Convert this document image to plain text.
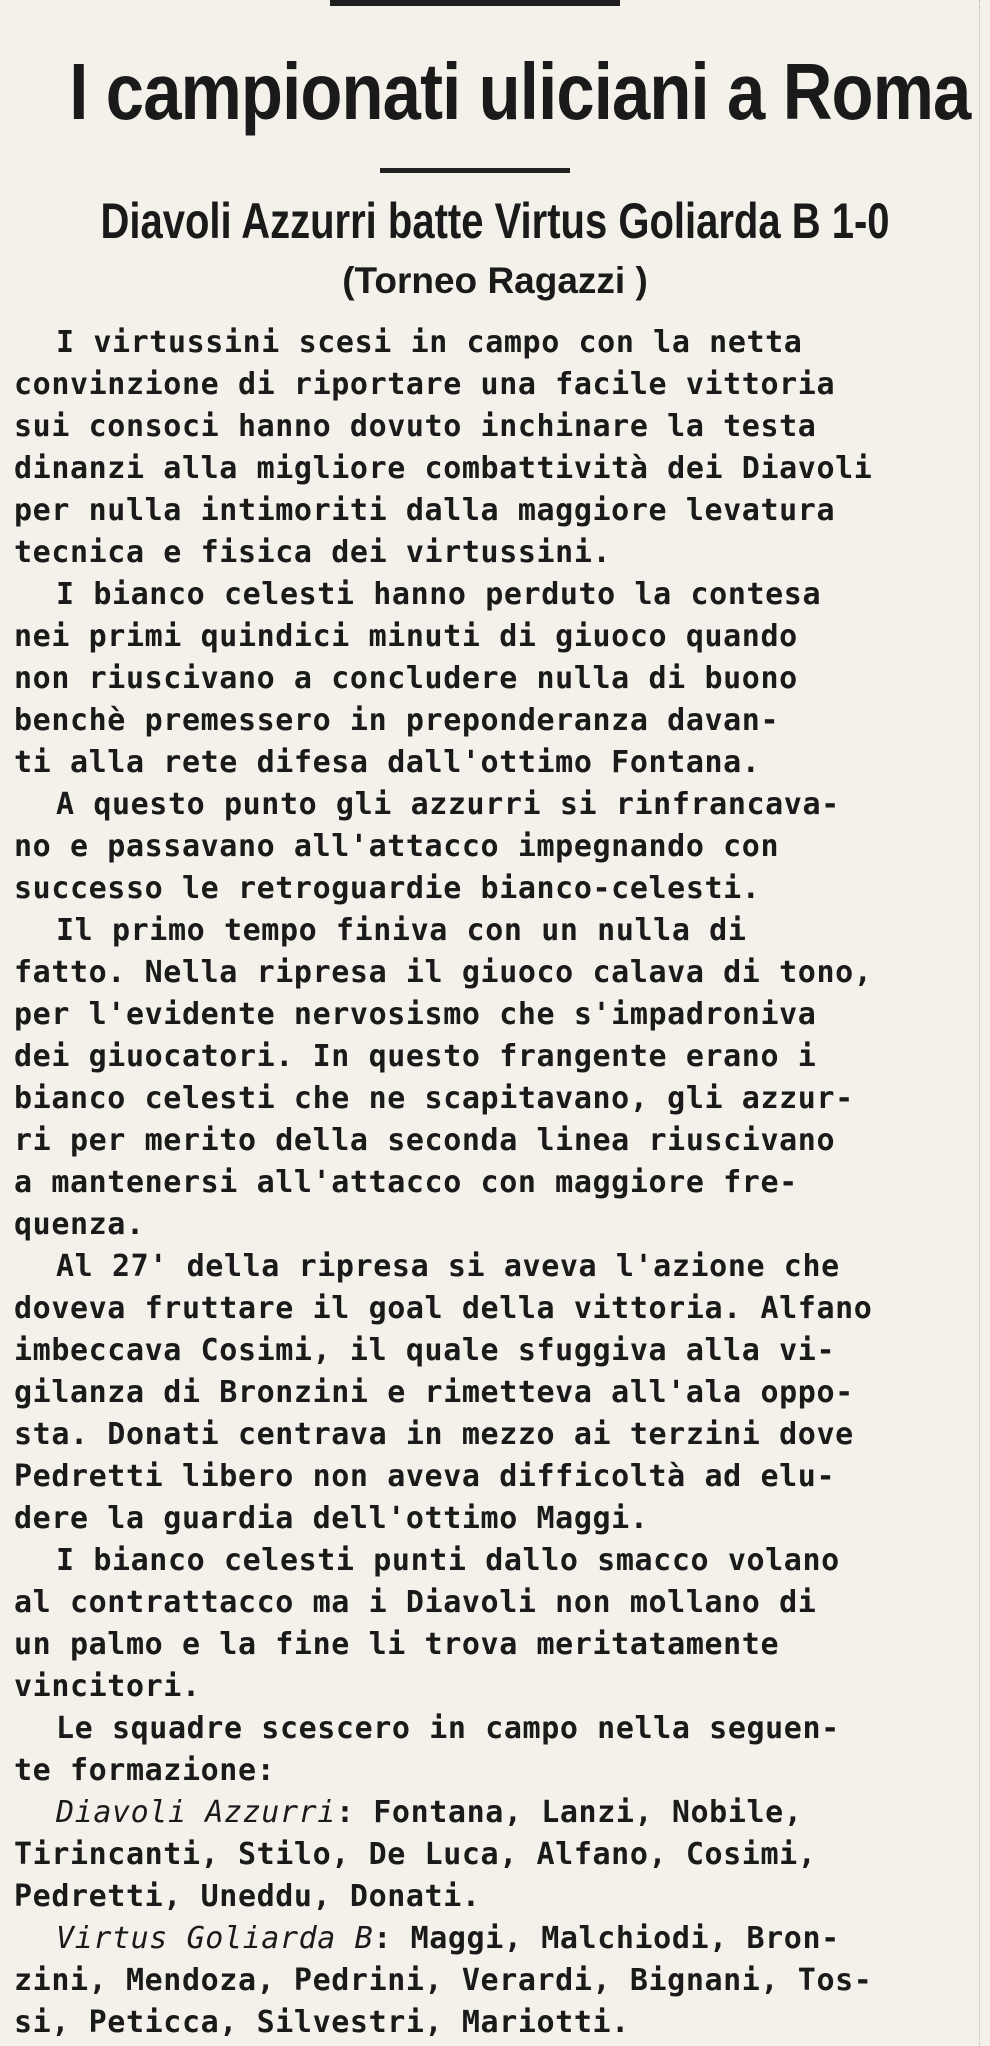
I campionati uliciani a Roma
Diavoli Azzurri batte Virtus Goliarda B 1-0
(Torneo Ragazzi )
I virtussini scesi in campo con la netta
convinzione di riportare una facile vittoria
sui consoci hanno dovuto inchinare la testa
dinanzi alla migliore combattività dei Diavoli
per nulla intimoriti dalla maggiore levatura
tecnica e fisica dei virtussini.
I bianco celesti hanno perduto la contesa
nei primi quindici minuti di giuoco quando
non riuscivano a concludere nulla di buono
benchè premessero in preponderanza davan-
ti alla rete difesa dall'ottimo Fontana.
A questo punto gli azzurri si rinfrancava-
no e passavano all'attacco impegnando con
successo le retroguardie bianco-celesti.
Il primo tempo finiva con un nulla di
fatto. Nella ripresa il giuoco calava di tono,
per l'evidente nervosismo che s'impadroniva
dei giuocatori. In questo frangente erano i
bianco celesti che ne scapitavano, gli azzur-
ri per merito della seconda linea riuscivano
a mantenersi all'attacco con maggiore fre-
quenza.
Al 27' della ripresa si aveva l'azione che
doveva fruttare il goal della vittoria. Alfano
imbeccava Cosimi, il quale sfuggiva alla vi-
gilanza di Bronzini e rimetteva all'ala oppo-
sta. Donati centrava in mezzo ai terzini dove
Pedretti libero non aveva difficoltà ad elu-
dere la guardia dell'ottimo Maggi.
I bianco celesti punti dallo smacco volano
al contrattacco ma i Diavoli non mollano di
un palmo e la fine li trova meritatamente
vincitori.
Le squadre scescero in campo nella seguen-
te formazione:
Diavoli Azzurri: Fontana, Lanzi, Nobile,
Tirincanti, Stilo, De Luca, Alfano, Cosimi,
Pedretti, Uneddu, Donati.
Virtus Goliarda B: Maggi, Malchiodi, Bron-
zini, Mendoza, Pedrini, Verardi, Bignani, Tos-
si, Peticca, Silvestri, Mariotti.
